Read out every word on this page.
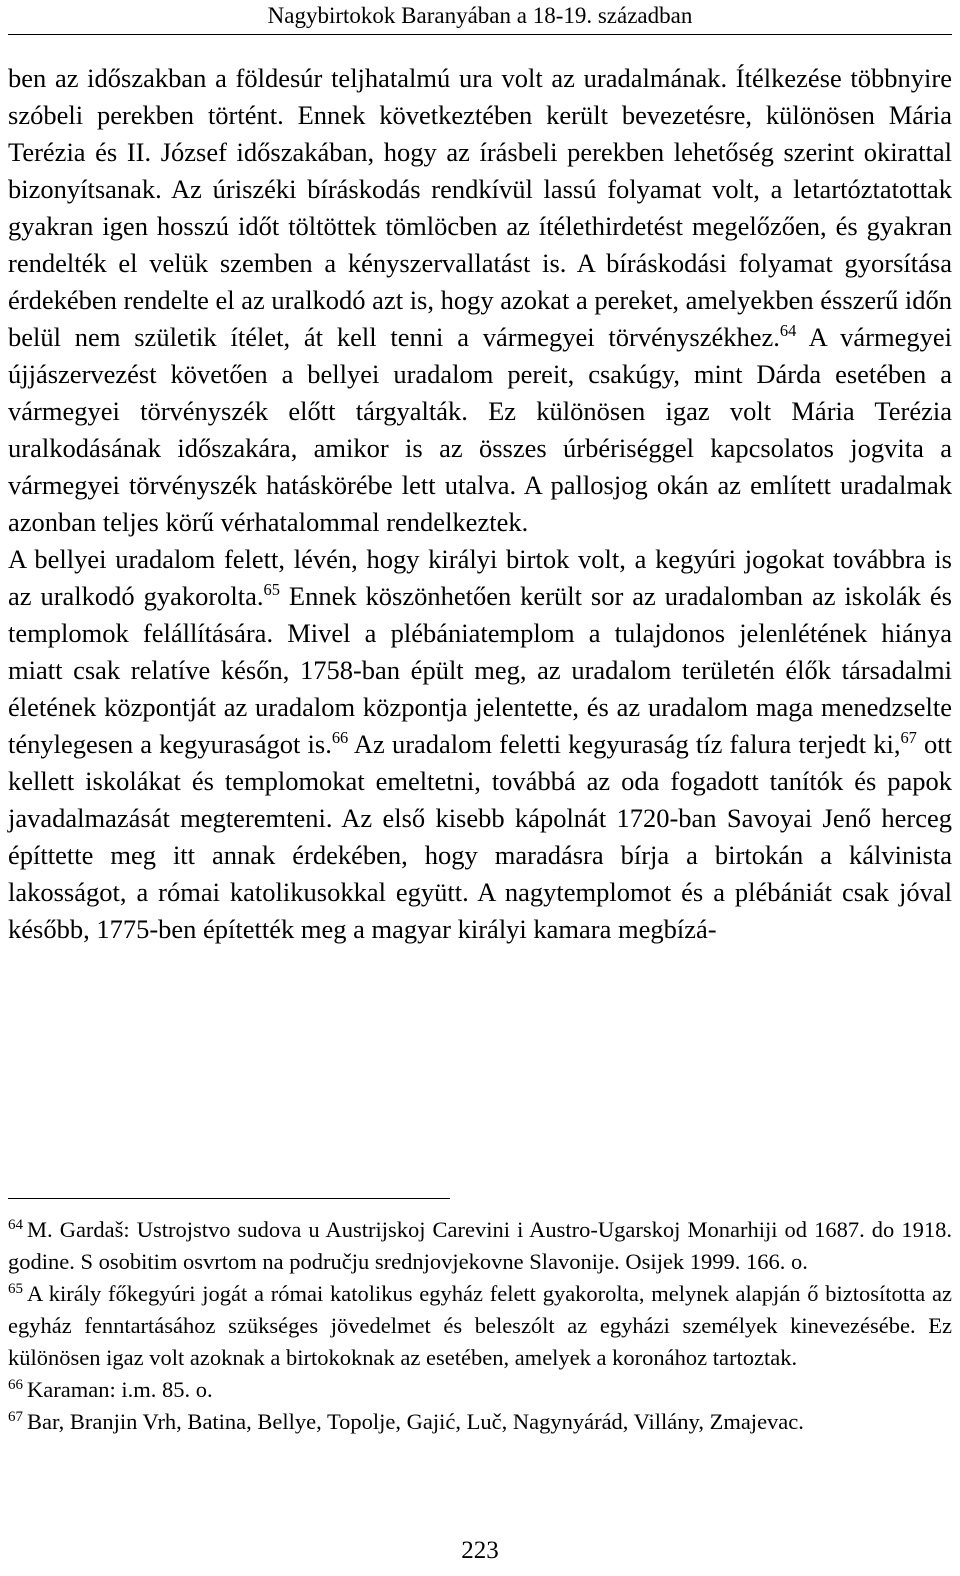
Nagybirtokok Baranyában a 18-19. században

ben az időszakban a földesúr teljhatalmú ura volt az uradalmának. Ítélkezése többnyire szóbeli perekben történt. Ennek következtében került bevezetésre, különösen Mária Terézia és II. József időszakában, hogy az írásbeli perekben lehetőség szerint okirattal bizonyítsanak. Az úriszéki bíráskodás rendkívül lassú folyamat volt, a letartóztatottak gyakran igen hosszú időt töltöttek tömlöcben az ítélethirdetést megelőzően, és gyakran rendelték el velük szemben a kényszervallatást is. A bíráskodási folyamat gyorsítása érdekében rendelte el az uralkodó azt is, hogy azokat a pereket, amelyekben ésszerű időn belül nem születik ítélet, át kell tenni a vármegyei törvényszékhez.$^{64}$ A vármegyei újjászervezést követően a bellyei uradalom pereit, csakúgy, mint Dárda esetében a vármegyei törvényszék előtt tárgyalták. Ez különösen igaz volt Mária Terézia uralkodásának időszakára, amikor is az összes úrbériséggel kapcsolatos jogvita a vármegyei törvényszék hatáskörébe lett utalva. A pallosjog okán az említett uradalmak azonban teljes körű vérhatalommal rendelkeztek.

A bellyei uradalom felett, lévén, hogy királyi birtok volt, a kegyúri jogokat továbbra is az uralkodó gyakorolta.$^{65}$ Ennek köszönhetően került sor az uradalomban az iskolák és templomok felállítására. Mivel a plébániatemplom a tulajdonos jelenlétének hiánya miatt csak relatíve későn, 1758-ban épült meg, az uradalom területén élők társadalmi életének központját az uradalom központja jelentette, és az uradalom maga menedzselte ténylegesen a kegyuraságot is.$^{66}$ Az uradalom feletti kegyuraság tíz falura terjedt ki,$^{67}$ ott kellett iskolákat és templomokat emeltetni, továbbá az oda fogadott tanítók és papok javadalmazását megteremteni. Az első kisebb kápolnát 1720-ban Savoyai Jenő herceg építtette meg itt annak érdekében, hogy maradásra bírja a birtokán a kálvinista lakosságot, a római katolikusokkal együtt. A nagytemplomot és a plébániát csak jóval később, 1775-ben építették meg a magyar királyi kamara megbízá-

$^{64}$ M. Gardaš: Ustrojstvo sudova u Austrijskoj Carevini i Austro-Ugarskoj Monarhiji od 1687. do 1918. godine. S osobitim osvrtom na području srednjovjekovne Slavonije. Osijek 1999. 166. o.

$^{65}$ A király főkegyúri jogát a római katolikus egyház felett gyakorolta, melynek alapján ő biztosította az egyház fenntartásához szükséges jövedelmet és beleszólt az egyházi személyek kinevezésébe. Ez különösen igaz volt azoknak a birtokoknak az esetében, amelyek a koronához tartoztak.

$^{66}$ Karaman: i.m. 85. o.

$^{67}$ Bar, Branjin Vrh, Batina, Bellye, Topolje, Gajić, Luč, Nagynyárád, Villány, Zmajevac.

223
